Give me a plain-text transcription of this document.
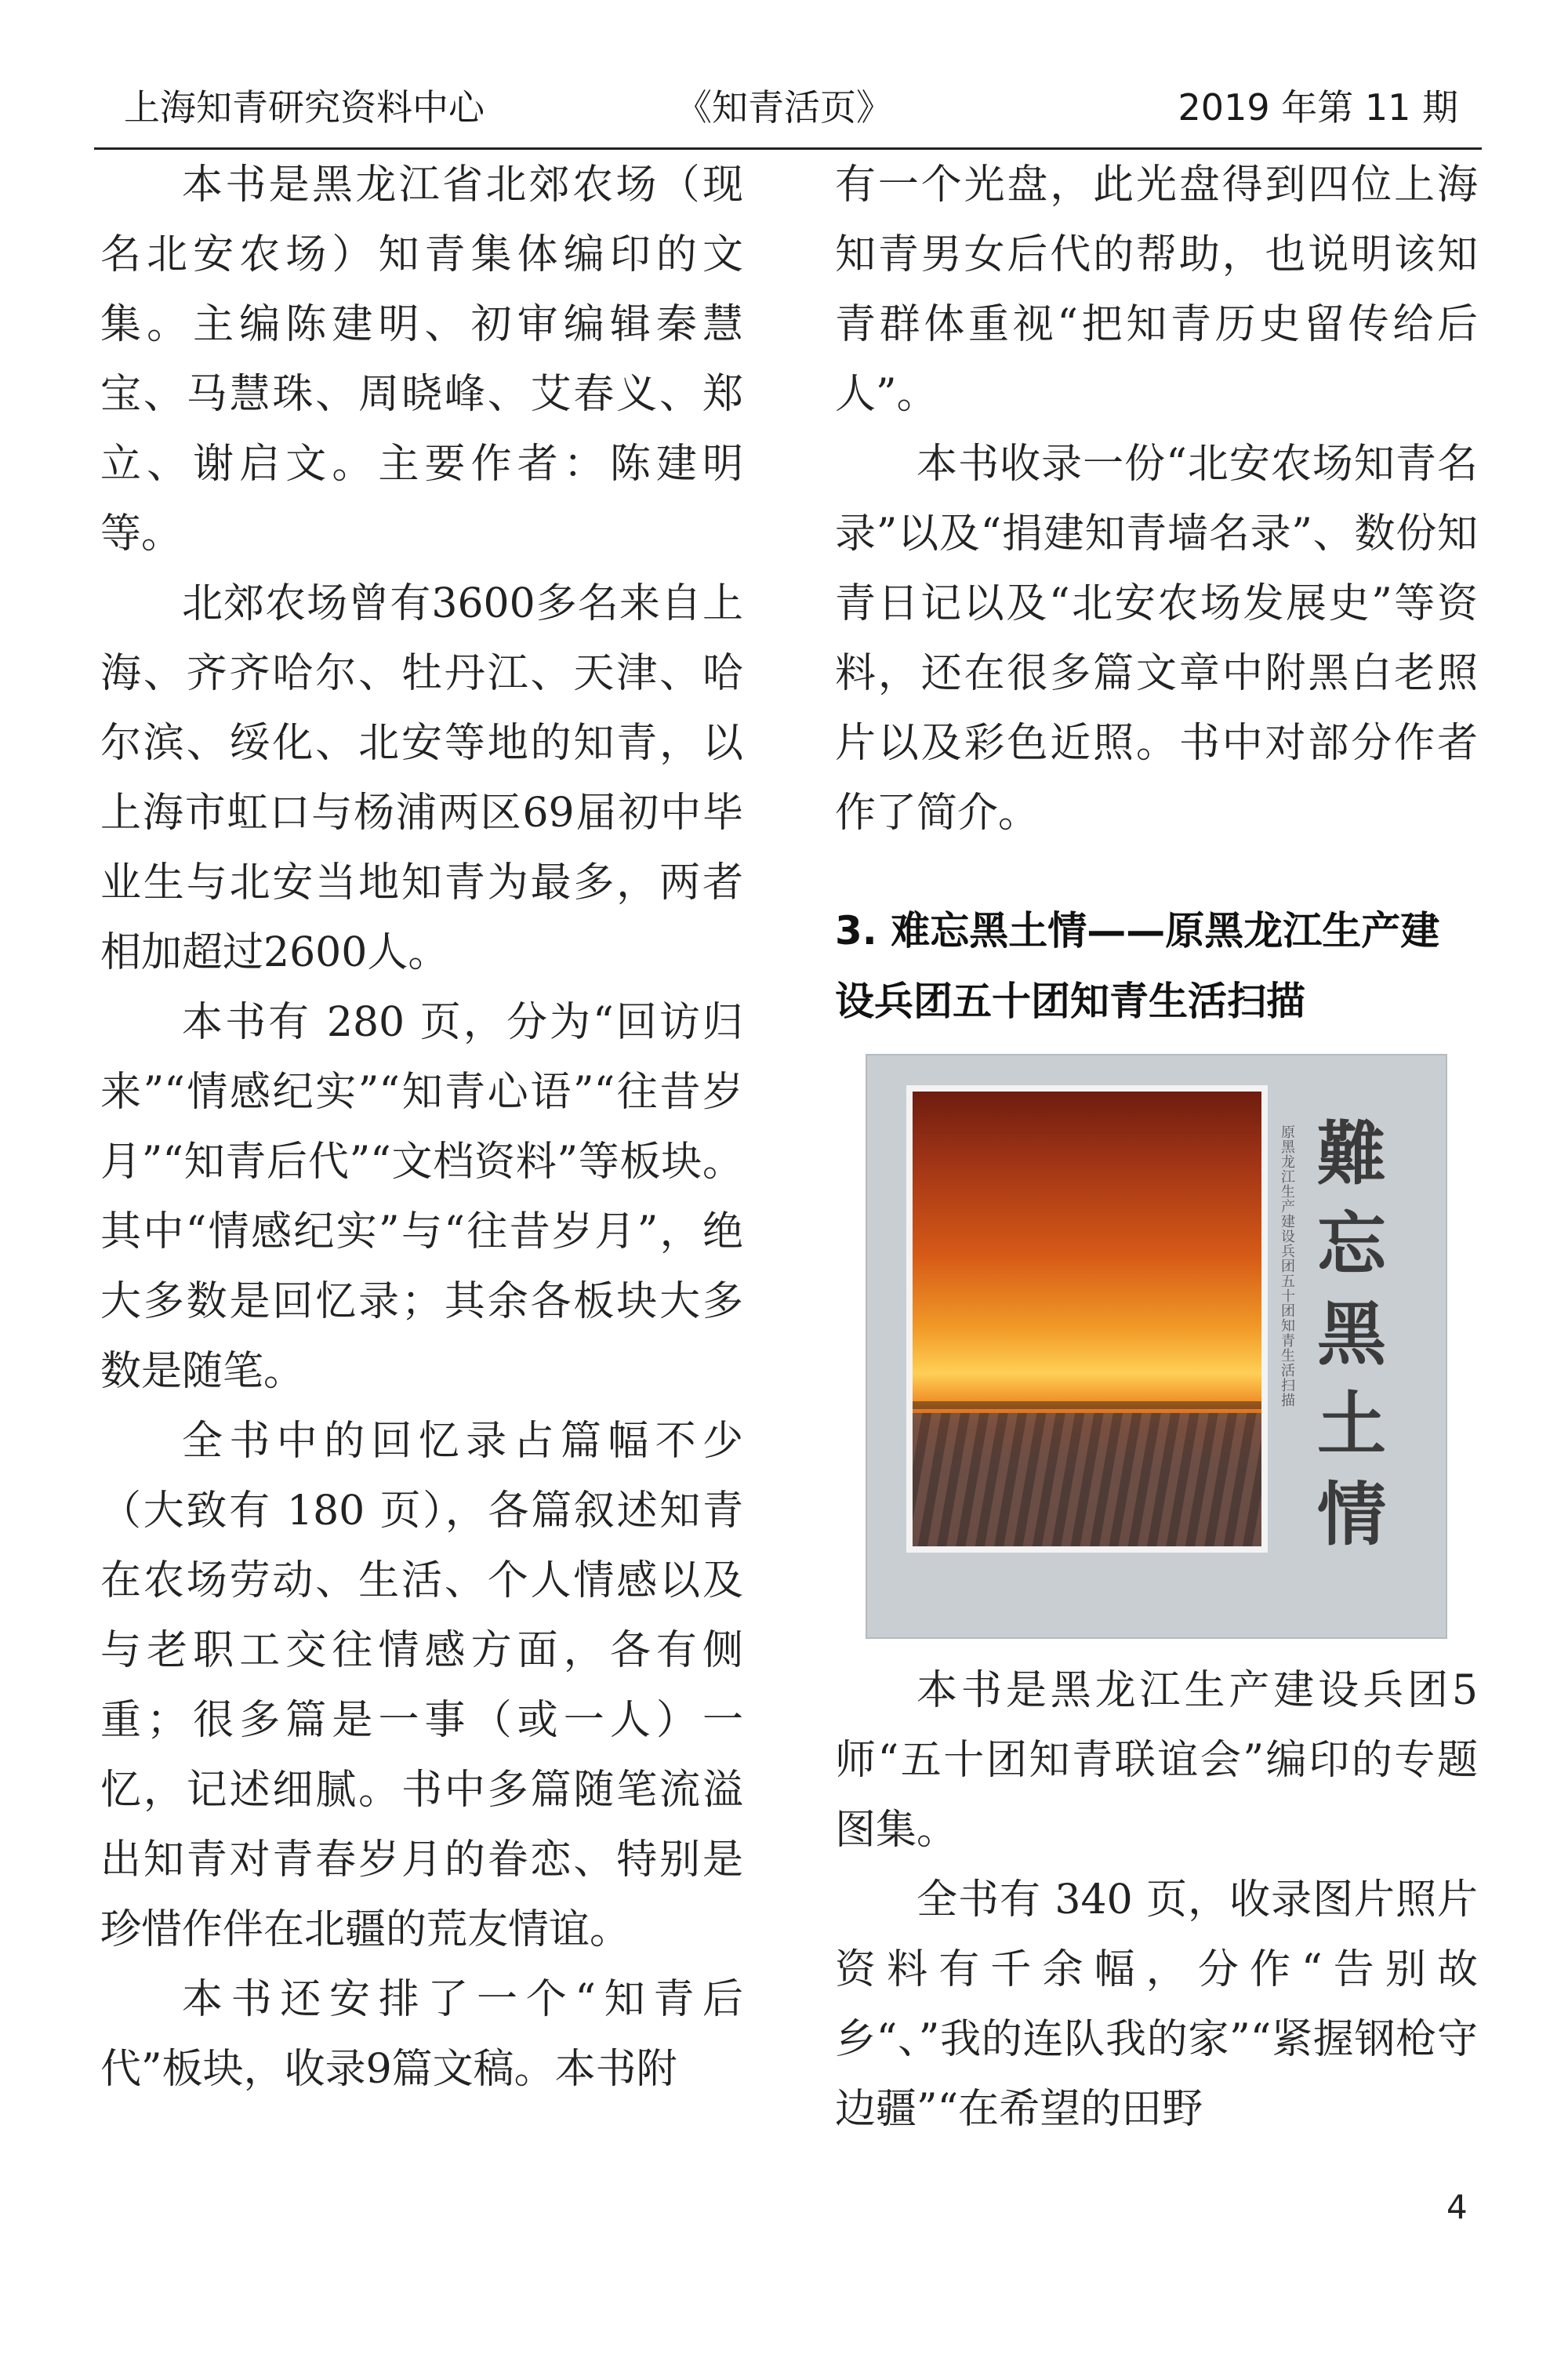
上海知青研究资料中心	《知青活页》	2019 年第 11 期

本书是黑龙江省北郊农场（现名北安农场）知青集体编印的文集。主编陈建明、初审编辑秦慧宝、马慧珠、周晓峰、艾春义、郑立、谢启文。主要作者：陈建明等。

北郊农场曾有3600多名来自上海、齐齐哈尔、牡丹江、天津、哈尔滨、绥化、北安等地的知青，以上海市虹口与杨浦两区69届初中毕业生与北安当地知青为最多，两者相加超过2600人。

本书有 280 页，分为“回访归来”“情感纪实”“知青心语”“往昔岁月”“知青后代”“文档资料”等板块。其中“情感纪实”与“往昔岁月”，绝大多数是回忆录；其余各板块大多数是随笔。

全书中的回忆录占篇幅不少（大致有 180 页），各篇叙述知青在农场劳动、生活、个人情感以及与老职工交往情感方面，各有侧重；很多篇是一事（或一人）一忆，记述细腻。书中多篇随笔流溢出知青对青春岁月的眷恋、特别是珍惜作伴在北疆的荒友情谊。

本书还安排了一个“知青后代”板块，收录9篇文稿。本书附

有一个光盘，此光盘得到四位上海知青男女后代的帮助，也说明该知青群体重视“把知青历史留传给后人”。

本书收录一份“北安农场知青名录”以及“捐建知青墙名录”、数份知青日记以及“北安农场发展史”等资料，还在很多篇文章中附黑白老照片以及彩色近照。书中对部分作者作了简介。

3. 难忘黑土情——原黑龙江生产建设兵团五十团知青生活扫描
原黑龙江生产建设兵团五十团知青生活扫描 難忘黑土情

本书是黑龙江生产建设兵团5师“五十团知青联谊会”编印的专题图集。

全书有 340 页，收录图片照片资料有千余幅，分作“告别故乡“、”我的连队我的家”“紧握钢枪守边疆”“在希望的田野

4
